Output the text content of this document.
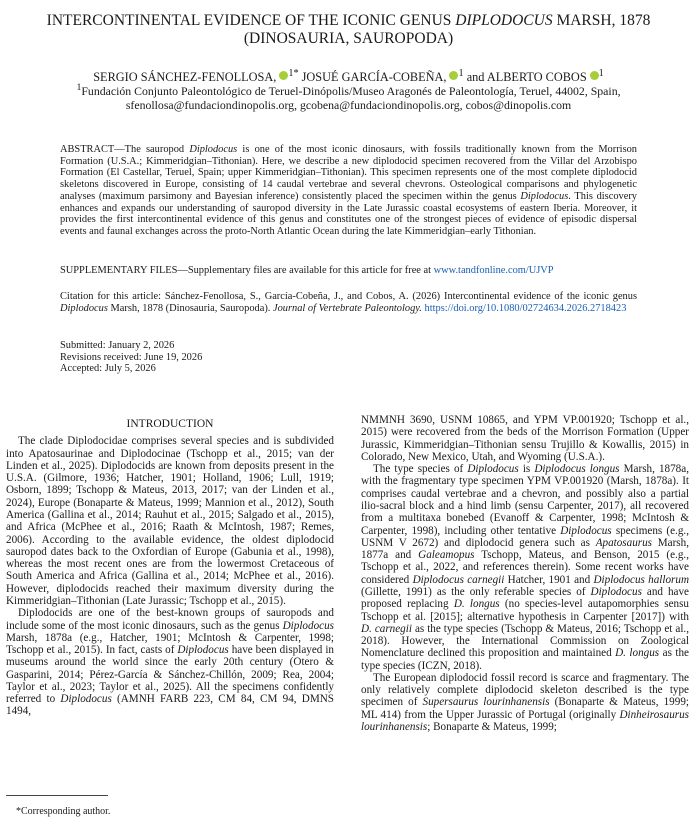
INTERCONTINENTAL EVIDENCE OF THE ICONIC GENUS DIPLODOCUS MARSH, 1878
(DINOSAURIA, SAUROPODA)
SERGIO SÁNCHEZ-FENOLLOSA, $^{1*}$ JOSUÉ GARCÍA-COBEÑA, $^1$ and ALBERTO COBOS $^1$
$^1$Fundación Conjunto Paleontológico de Teruel-Dinópolis/Museo Aragonés de Paleontología, Teruel, 44002, Spain,
sfenollosa@fundaciondinopolis.org, gcobena@fundaciondinopolis.org, cobos@dinopolis.com
ABSTRACT—The sauropod Diplodocus is one of the most iconic dinosaurs, with fossils traditionally known from the Morrison Formation (U.S.A.; Kimmeridgian–Tithonian). Here, we describe a new diplodocid specimen recovered from the Villar del Arzobispo Formation (El Castellar, Teruel, Spain; upper Kimmeridgian–Tithonian). This specimen represents one of the most complete diplodocid skeletons discovered in Europe, consisting of 14 caudal vertebrae and several chevrons. Osteological comparisons and phylogenetic analyses (maximum parsimony and Bayesian inference) consistently placed the specimen within the genus Diplodocus. This discovery enhances and expands our understanding of sauropod diversity in the Late Jurassic coastal ecosystems of eastern Iberia. Moreover, it provides the first intercontinental evidence of this genus and constitutes one of the strongest pieces of evidence of episodic dispersal events and faunal exchanges across the proto-North Atlantic Ocean during the late Kimmeridgian–early Tithonian.
SUPPLEMENTARY FILES—Supplementary files are available for this article for free at www.tandfonline.com/UJVP
Citation for this article: Sánchez-Fenollosa, S., García-Cobeña, J., and Cobos, A. (2026) Intercontinental evidence of the iconic genus Diplodocus Marsh, 1878 (Dinosauria, Sauropoda). Journal of Vertebrate Paleontology. https://doi.org/10.1080/02724634.2026.2718423
Submitted: January 2, 2026
Revisions received: June 19, 2026
Accepted: July 5, 2026
INTRODUCTION

The clade Diplodocidae comprises several species and is subdivided into Apatosaurinae and Diplodocinae (Tschopp et al., 2015; van der Linden et al., 2025). Diplodocids are known from deposits present in the U.S.A. (Gilmore, 1936; Hatcher, 1901; Holland, 1906; Lull, 1919; Osborn, 1899; Tschopp & Mateus, 2013, 2017; van der Linden et al., 2024), Europe (Bonaparte & Mateus, 1999; Mannion et al., 2012), South America (Gallina et al., 2014; Rauhut et al., 2015; Salgado et al., 2015), and Africa (McPhee et al., 2016; Raath & McIntosh, 1987; Remes, 2006). According to the available evidence, the oldest diplodocid sauropod dates back to the Oxfordian of Europe (Gabunia et al., 1998), whereas the most recent ones are from the lowermost Cretaceous of South America and Africa (Gallina et al., 2014; McPhee et al., 2016). However, diplodocids reached their maximum diversity during the Kimmeridgian–Tithonian (Late Jurassic; Tschopp et al., 2015).

Diplodocids are one of the best-known groups of sauropods and include some of the most iconic dinosaurs, such as the genus Diplodocus Marsh, 1878a (e.g., Hatcher, 1901; McIntosh & Carpenter, 1998; Tschopp et al., 2015). In fact, casts of Diplodocus have been displayed in museums around the world since the early 20th century (Otero & Gasparini, 2014; Pérez-García & Sánchez-Chillón, 2009; Rea, 2004; Taylor et al., 2023; Taylor et al., 2025). All the specimens confidently referred to Diplodocus (AMNH FARB 223, CM 84, CM 94, DMNS 1494,

NMMNH 3690, USNM 10865, and YPM VP.001920; Tschopp et al., 2015) were recovered from the beds of the Morrison Formation (Upper Jurassic, Kimmeridgian–Tithonian sensu Trujillo & Kowallis, 2015) in Colorado, New Mexico, Utah, and Wyoming (U.S.A.).

The type species of Diplodocus is Diplodocus longus Marsh, 1878a, with the fragmentary type specimen YPM VP.001920 (Marsh, 1878a). It comprises caudal vertebrae and a chevron, and possibly also a partial ilio-sacral block and a hind limb (sensu Carpenter, 2017), all recovered from a multitaxa bonebed (Evanoff & Carpenter, 1998; McIntosh & Carpenter, 1998), including other tentative Diplodocus specimens (e.g., USNM V 2672) and diplodocid genera such as Apatosaurus Marsh, 1877a and Galeamopus Tschopp, Mateus, and Benson, 2015 (e.g., Tschopp et al., 2022, and references therein). Some recent works have considered Diplodocus carnegii Hatcher, 1901 and Diplodocus hallorum (Gillette, 1991) as the only referable species of Diplodocus and have proposed replacing D. longus (no species-level autapomorphies sensu Tschopp et al. [2015]; alternative hypothesis in Carpenter [2017]) with D. carnegii as the type species (Tschopp & Mateus, 2016; Tschopp et al., 2018). However, the International Commission on Zoological Nomenclature declined this proposition and maintained D. longus as the type species (ICZN, 2018).

The European diplodocid fossil record is scarce and fragmentary. The only relatively complete diplodocid skeleton described is the type specimen of Supersaurus lourinhanensis (Bonaparte & Mateus, 1999; ML 414) from the Upper Jurassic of Portugal (originally Dinheirosaurus lourinhanensis; Bonaparte & Mateus, 1999;

*Corresponding author.
